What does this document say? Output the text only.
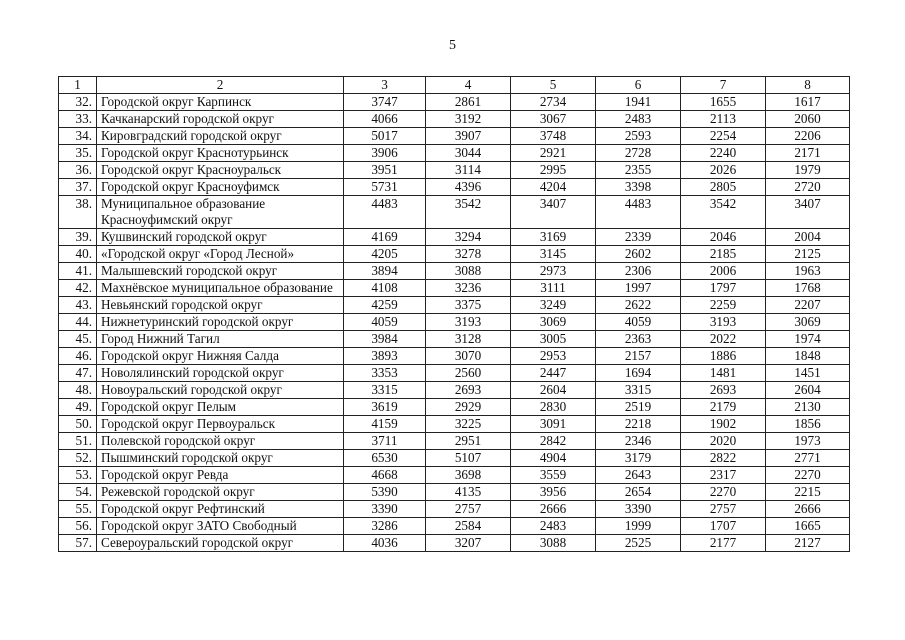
5
1	2	3	4	5	6	7	8
32.	Городской округ Карпинск	3747	2861	2734	1941	1655	1617
33.	Качканарский городской округ	4066	3192	3067	2483	2113	2060
34.	Кировградский городской округ	5017	3907	3748	2593	2254	2206
35.	Городской округ Краснотурьинск	3906	3044	2921	2728	2240	2171
36.	Городской округ Красноуральск	3951	3114	2995	2355	2026	1979
37.	Городской округ Красноуфимск	5731	4396	4204	3398	2805	2720
38.	Муниципальное образование Красноуфимский округ	4483	3542	3407	4483	3542	3407
39.	Кушвинский городской округ	4169	3294	3169	2339	2046	2004
40.	«Городской округ «Город Лесной»	4205	3278	3145	2602	2185	2125
41.	Малышевский городской округ	3894	3088	2973	2306	2006	1963
42.	Махнёвское муниципальное образование	4108	3236	3111	1997	1797	1768
43.	Невьянский городской округ	4259	3375	3249	2622	2259	2207
44.	Нижнетуринский городской округ	4059	3193	3069	4059	3193	3069
45.	Город Нижний Тагил	3984	3128	3005	2363	2022	1974
46.	Городской округ Нижняя Салда	3893	3070	2953	2157	1886	1848
47.	Новолялинский городской округ	3353	2560	2447	1694	1481	1451
48.	Новоуральский городской округ	3315	2693	2604	3315	2693	2604
49.	Городской округ Пелым	3619	2929	2830	2519	2179	2130
50.	Городской округ Первоуральск	4159	3225	3091	2218	1902	1856
51.	Полевской городской округ	3711	2951	2842	2346	2020	1973
52.	Пышминский городской округ	6530	5107	4904	3179	2822	2771
53.	Городской округ Ревда	4668	3698	3559	2643	2317	2270
54.	Режевской городской округ	5390	4135	3956	2654	2270	2215
55.	Городской округ Рефтинский	3390	2757	2666	3390	2757	2666
56.	Городской округ ЗАТО Свободный	3286	2584	2483	1999	1707	1665
57.	Североуральский городской округ	4036	3207	3088	2525	2177	2127
